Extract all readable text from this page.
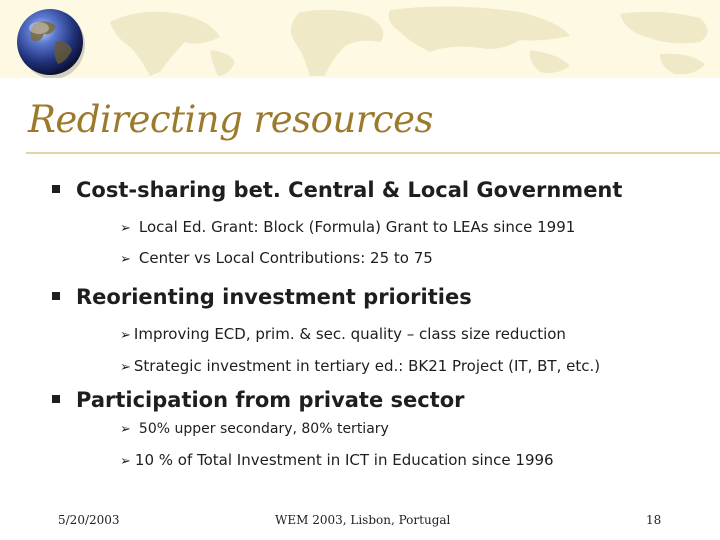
Redirecting resources
Cost-sharing bet. Central & Local Government
➢ Local Ed. Grant: Block (Formula) Grant to LEAs since 1991
➢ Center vs Local Contributions: 25 to 75
Reorienting investment priorities
➢ Improving ECD, prim. & sec. quality – class size reduction
➢ Strategic investment in tertiary ed.: BK21 Project (IT, BT, etc.)
Participation from private sector
➢ 50% upper secondary, 80% tertiary
➢ 10 % of Total Investment in ICT in Education since 1996
5/20/2003	WEM 2003, Lisbon, Portugal	18
